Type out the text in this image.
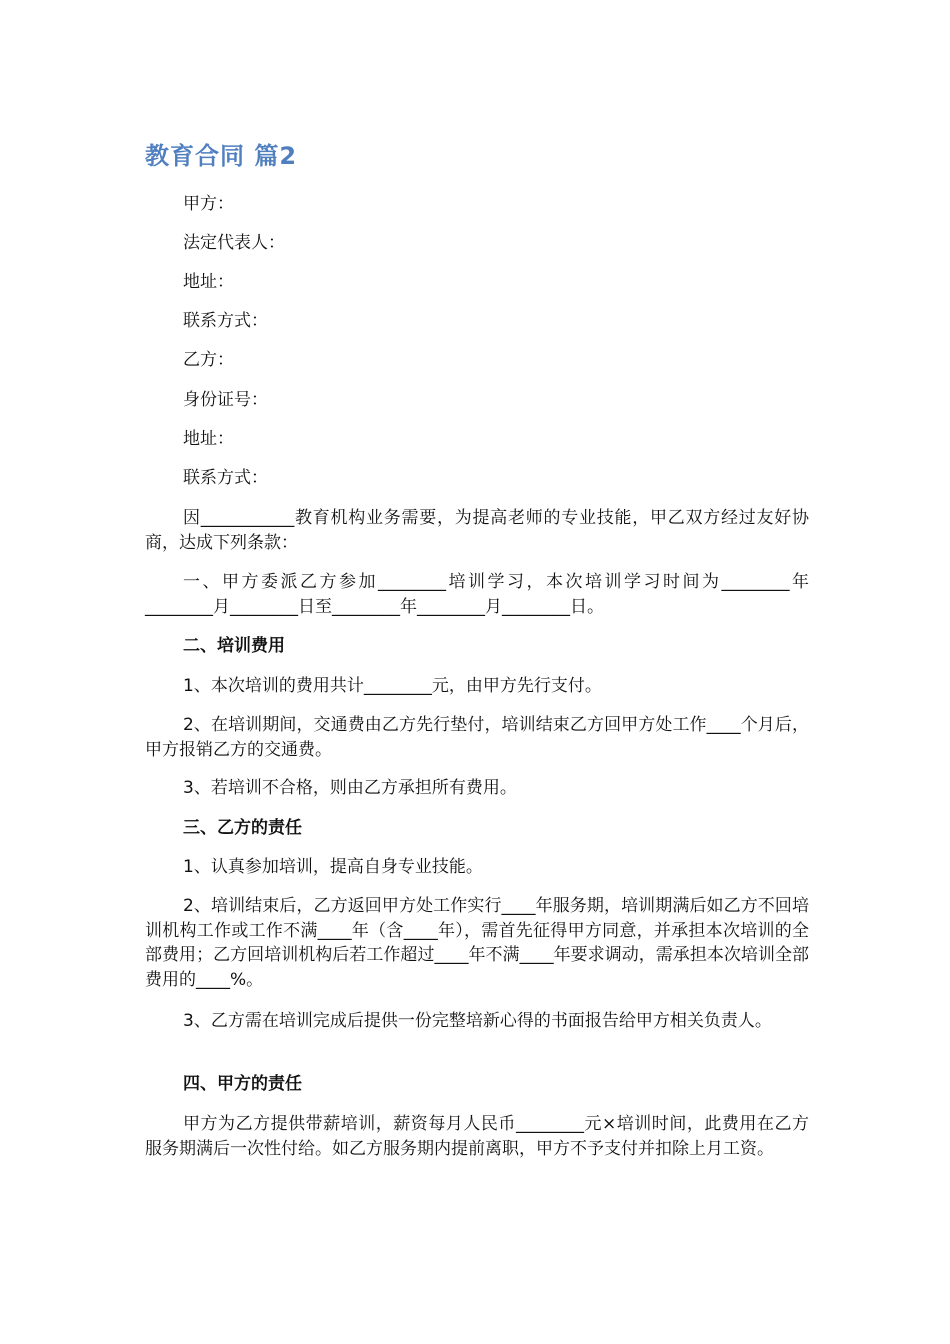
教育合同 篇2
甲方：
法定代表人：
地址：
联系方式：
乙方：
身份证号：
地址：
联系方式：
因___________教育机构业务需要，为提高老师的专业技能，甲乙双方经过友好协商，达成下列条款：
一、甲方委派乙方参加________培训学习，本次培训学习时间为________年________月________日至________年________月________日。
二、培训费用
1、本次培训的费用共计________元，由甲方先行支付。
2、在培训期间，交通费由乙方先行垫付，培训结束乙方回甲方处工作____个月后，甲方报销乙方的交通费。
3、若培训不合格，则由乙方承担所有费用。
三、乙方的责任
1、认真参加培训，提高自身专业技能。
2、培训结束后，乙方返回甲方处工作实行____年服务期，培训期满后如乙方不回培训机构工作或工作不满____年（含____年），需首先征得甲方同意，并承担本次培训的全部费用；乙方回培训机构后若工作超过____年不满____年要求调动，需承担本次培训全部费用的____%。
3、乙方需在培训完成后提供一份完整培新心得的书面报告给甲方相关负责人。
四、甲方的责任
甲方为乙方提供带薪培训，薪资每月人民币________元×培训时间，此费用在乙方服务期满后一次性付给。如乙方服务期内提前离职，甲方不予支付并扣除上月工资。
